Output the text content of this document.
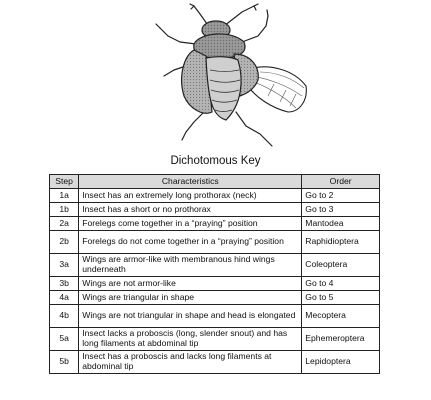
Dichotomous Key
Step	Characteristics	Order
1a	Insect has an extremely long prothorax (neck)	Go to 2
1b	Insect has a short or no prothorax	Go to 3
2a	Forelegs come together in a “praying” position	Mantodea
2b	Forelegs do not come together in a “praying” position	Raphidioptera
3a	Wings are armor-like with membranous hind wings underneath	Coleoptera
3b	Wings are not armor-like	Go to 4
4a	Wings are triangular in shape	Go to 5
4b	Wings are not triangular in shape and head is elongated	Mecoptera
5a	Insect lacks a proboscis (long, slender snout) and has long filaments at abdominal tip	Ephemeroptera
5b	Insect has a proboscis and lacks long filaments at abdominal tip	Lepidoptera
